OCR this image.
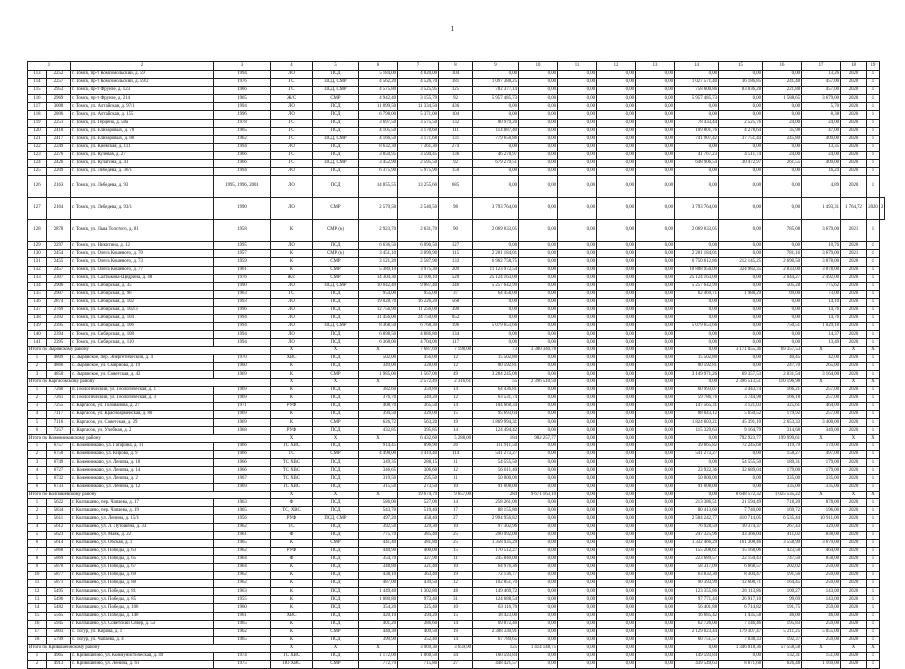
1
1		2	3	4	5	6	7	8	9	10	11	12	13	14	15	16	17	18	19	
113	2252	г. Томск, пр-т Комсомольский, д. 59	1994	ЛО	ПСД	5 184,00	4 820,00	104	0,00	0,00	0,00	0,00	0,00	0,00	0,00	0,00	13,26	2020	1	
114	2257	г. Томск, пр-т Комсомольский, д. 59/2	1976	ГС	ПСД, СМР	4 562,20	4 526,70	181	1 097 388,25	0,00	0,00	0,00	0,00	1 027 571,40	36 186,85	241,48	457,00	2020	1	
115	2953	г. Томск, пр-т Фрунзе, д. 123	1966	ГС	ПСД, СМР	4 575,80	3 525,95	125	782 377,14	0,00	0,00	0,00	0,00	758 600,86	83 836,28	221,88	457,00	2020	1	
116	2969	г. Томск, пр-т Фрунзе, д. 214	1965	Ж/С	СМР	4 942,40	3 155,79	92	5 957 485,73	0,00	0,00	0,00	0,00	5 957 485,73	0,00	1 588,65	3 679,00	2020	1	
117	3008	г. Томск, ул. Алтайская, д. 97/1	1994	ЛО	ПСД	11 899,50	11 334,50	436	0,00	0,00	0,00	0,00	0,00	0,00	0,00	0,00	5,70	2020	1	
118	2806	г. Томск, ул. Алтайская, д. 155	1996	ЛО	ПСД	6 798,00	5 371,00	104	0,00	0,00	0,00	0,00	0,00	0,00	0,00	0,00	8,38	2020	1	
119	2251	г. Томск, ул. Герцена, д. 58а	1978	ГС	ПСД	3 697,50	3 575,50	132	80 979,20	0,00	0,00	0,00	0,00	78 433,44	2 525,76	24,00	24,00	2020	1	
120	2418	г. Томск, ул. Елизаровых, д. 78	1965	ГС	ПСД	4 105,50	3 170,60	111	114 087,40	0,00	0,00	0,00	0,00	109 801,76	4 278,64	35,98	47,00	2020	1	
121	2417	г. Томск, ул. Елизаровых, д. 80	1962	ГС	ПСД, СМР	4 166,50	3 171,68	131	779 658,86	0,00	0,00	0,00	0,00	741 907,42	37 751,44	245,80	409,00	2020	1	
122	2249	г. Томск, ул. Киевская, д. 111	1994	ЛО	ПСД	8 632,30	7 361,30	274	0,00	0,00	0,00	0,00	0,00	0,00	0,00	0,00	13,35	2020	1	
123	2276	г. Томск, ул. Кулёвая, д. 27	1966	ГС	ПСД	3 850,95	3 594,45	136	46 278,97	0,00	0,00	0,00	0,00	41 767,23	4 511,74	24,00	24,00	2020	1	
124	2426	г. Томск, ул. Кулагина, д. 41	1966	ГС	ПСД, СМР	3 452,90	2 595,50	92	679 279,51	0,00	0,00	0,00	0,00	648 906,54	30 472,97	261,55	409,00	2020	1	
125	2209	г. Томск, ул. Лебедева, д. 36/1	1994	ЛО	ПСД	6 375,90	5 975,90	150	0,00	0,00	0,00	0,00	0,00	0,00	0,00	0,00	16,24	2020	1	
126	2163	г. Томск, ул. Лебедева, д. 93	1995, 1996, 2001	ЛО	ПСД	14 855,55	13 255,60	685	0,00	0,00	0,00	0,00	0,00	0,00	0,00	0,00	4,89	2020	1	
127	2164	г. Томск, ул. Лебедева, д. 93/1	1990	ЛО	СМР	2 579,50	2 540,50	98	3 793 764,00	0,00	0,00	0,00	0,00	3 793 764,00	0,00	0,00	1 493,31	1 764,72	2020	2
128	2878	г. Томск, ул. Льва Толстого, д. 81	1958	К	СМР (к)	2 923,70	2 631,70	90	2 069 833,05	0,00	0,00	0,00	0,00	2 069 833,05	0,00	785,08	3 679,00	2021	1	
129	2297	г. Томск, ул. Никитина, д. 12	1995	ЛО	ПСД	6 636,50	6 090,50	127	0,00	0,00	0,00	0,00	0,00	0,00	0,00	0,00	10,76	2020	1	
130	2454	г. Томск, ул. Олега Кошевого, д. 70	1957	К	СМР (к)	3 451,10	3 099,90	115	2 201 184,01	0,00	0,00	0,00	0,00	2 201 184,01	0,00	781,16	3 679,00	2021	1	
131	2455	г. Томск, ул. Олега Кошевого, д. 73	1959	К	СМР	3 121,20	2 587,90	133	6 962 758,75	0,00	0,00	0,00	0,00	6 750 612,86	212 145,25	2 690,50	3 878,00	2020	1	
132	2457	г. Томск, ул. Олега Кошевого, д. 77	1961	К	СМР	5 389,10	3 975,30	209	11 123 972,54	0,00	0,00	0,00	0,00	10 888 950,09	324 982,35	2 833,00	3 878,00	2020	1	
133	2307	г. Томск, ул. Салтыкова-Щедрина, д. 48	1976	Ж/с	СМР	14 304,30	12 106,10	520	25 124 163,00	0,00	0,00	0,00	0,00	25 124 163,00	0,00	2 044,27	2 492,00	2020	1	
134	2906	г. Томск, ул. Сибирская, д. 35	1990	ЛО	ПСД, СМР	10 042,40	9 887,40	346	5 257 642,99	0,00	0,00	0,00	0,00	5 257 642,99	0,00	505,28	775,62	2020	1	
135	2907	г. Томск, ул. Сибирская, д. 96	1963	ГС	ПСД	954,00	955,00	37	64 458,00	0,00	0,00	0,00	0,00	62 469,71	1 988,29	69,00	73,00	2020	1	
136	2874	г. Томск, ул. Сибирская, д. 102	1993	ЛО	ПСД	19 028,70	16 226,20	568	0,00	0,00	0,00	0,00	0,00	0,00	0,00	0,00	14,10	2020	1	
137	2769	г. Томск, ул. Сибирская, д. 102/3	1996	ЛО	ПСД	12 756,90	11 256,00	390	0,00	0,00	0,00	0,00	0,00	0,00	0,00	0,00	14,76	2020	1	
138	2392	г. Томск, ул. Сибирская, д. 104	1994	ЛО	ПСД	31 456,00	24 750,00	852	0,00	0,00	0,00	0,00	0,00	0,00	0,00	0,00	14,76	2020	1	
139	2395	г. Томск, ул. Сибирская, д. 106	1994	ЛО	ПСД, СМР	8 368,50	6 768,30	196	5 079 653,66	0,00	0,00	0,00	0,00	5 079 653,66	0,00	750,51	1 029,18	2020	1	
140	2394	г. Томск, ул. Сибирская, д. 108	1994	ЛО	ПСД	6 898,50	4 886,80	134	0,00	0,00	0,00	0,00	0,00	0,00	0,00	0,00	14,37	2020	1	
141	2395	г. Томск, ул. Сибирская, д. 110	1994	ЛО	ПСД	6 368,00	4 704,00	117	0,00	0,00	0,00	0,00	0,00	0,00	0,00	0,00	13,49	2020	1	
Итого по Зырянскому району				Х	Х	Х	7 687,69	7 198,00	73	3 380 340,78	0,00	0,00	0,00	0,00	3 171 055,36	69 357,53	Х	Х	Х	
1	4809	с. Зырянское, пер. Энергетический, д. 4	1970	ХВС	ПСД	502,00	456,00	12	15 502,80	0,00	0,00	0,00	0,00	15 502,80	0,00	40,45	42,00	2020	1	
2	4866	с. Зырянское, ул. Смирнова, д. 19	1960	К	ПСД	349,00	328,00	12	80 592,81	0,00	0,00	0,00	0,00	80 592,81	0,00	247,70	265,00	2020	1	
3	4850	с. Зырянское, ул. Советская, д. 42	1969	К	СМР	1 985,00	1 567,00	49	3 284 245,08	0,00	0,00	0,00	0,00	3 149 971,26	69 357,53	2 031,54	3 164,00	2020	1	
Итого по Каргасокскому району				Х	Х	Х	2 572,49	2 316,61	55	2 396 510,50	0,00	0,00	0,00	0,00	2 396 513,51	110 196,98	Х	Х	Х	
1	7260	п. Геологический, ул. Геологическая, д. 1	1969	К	ПСД	382,60	359,89	14	64 436,81	0,00	0,00	0,00	0,00	60 993,07	3 443,74	166,21	257,00	2020	1	
2	7261	п. Геологический, ул. Геологическая, д. 3	1969	К	ПСД	376,70	349,20	12	63 531,74	0,00	0,00	0,00	0,00	59 786,76	3 744,98	166,18	257,00	2020	1	
3	7255	с. Каргасок, ул. Голованова, д. 27	1971	РУФ	ПСД	408,70	365,50	14	104 668,34	0,00	0,00	0,00	0,00	147 565,31	3 121,03	325,61	464,00	2020	1	
4	7117	с. Каргасок, ул. Красноармейская, д. 80	1969	К	ПСД	394,50	329,00	15	95 693,64	0,00	0,00	0,00	0,00	88 043,12	5 650,52	179,92	257,00	2020	1	
5	7116	с. Каргасок, ул. Советская, д. 29	1969	К	СМР	626,72	563,20	19	1 869 994,31	0,00	0,00	0,00	0,00	1 824 603,21	45 391,10	2 653,33	3 400,00	2020	1	
6	7257	с. Каргасок, ул. Учебная, д. 2	1968	РУФ	ПСД	432,85	395,85	14	124 494,42	0,00	0,00	0,00	0,00	115 329,63	9 164,79	314,68	349,00	2020	1	
Итого по Кожевниковскому району				Х	Х	Х	6 432,60	5 288,00	184	982 257,77	0,00	0,00	0,00	0,00	792 923,77	199 999,61	Х	Х	Х	
1	6757	с. Кожевниково, ул. Гагарина, д. 11	1966	ТС ХВС	ПСД	914,45	896,90	26	111 911,50	0,00	0,00	0,00	0,00	39 665,82	72 245,68	119,79	179,00	2020	1	
2	6750	с. Кожевниково, ул. Кирова, д. 9	1966	ТС	СМР	4 498,00	3 419,40	114	541 273,27	0,00	0,00	0,00	0,00	541 273,27	0,00	158,27	497,00	2020	1	
3	6749	с. Кожевниково, ул. Ленина, д. 18	1966	ТС ХВС	ПСД	349,35	288,15	11	54 555,50	0,00	0,00	0,00	0,00	0,00	54 555,50	189,31	179,00	2020	1	
4	6727	с. Кожевниково, ул. Ленина, д. 14	1966	ТС ХВС	ПСД	346,65	306,60	12	56 611,40	0,00	0,00	0,00	0,00	23 922,36	32 689,04	179,00	179,00	2020	1	
5	6732	с. Кожевниково, ул. Ленина, д. 2	1967	ТС ХВС	ПСД	319,50	295,50	11	50 000,00	0,00	0,00	0,00	0,00	50 000,00	0,00	335,00	335,00	2020	1	
6	6733	с. Кожевниково, ул. Ленина, д. 12	1969	ТС ХВС	ПСД	315,50	273,50	10	91 008,00	0,00	0,00	0,00	0,00	91 008,00	0,00	335,00	335,00	2020	1	
Итого по Колпашевскому району				Х	Х	Х	19 674,79	9 657,00	284	9 671 163,10	0,00	0,00	0,00	0,00	8 648 572,32	1 025 535,22	Х	Х	Х	
1	5622	г. Колпашево, пер. Чапаева, д. 17	1963	Ф	ПСД	586,00	527,00	14	258 261,00	0,00	0,00	0,00	0,00	213 386,51	21 594,49	718,20	878,00	2020	1	
2	5834	г. Колпашево, пер. Чапаева, д. 19	1965	ТС, ХВС	ПСД	543,70	519,40	17	88 155,80	0,00	0,00	0,00	0,00	80 413,60	7 740,00	169,72	196,00	2020	1	
3	5611	г. Колпашево, ул. Ленина, д. 15/1	1956	РУФ	ПСД, СМР	497,20	458,40	27	2 994 956,82	0,00	0,00	0,00	0,00	2 584 242,77	410 714,05	6 535,44	10 911,00	2020	1	
4	5612	г. Колпашево, ул. Л. Лутошена, д. 33	1962	ТС	ПСД	392,50	329,30	10	97 302,96	0,00	0,00	0,00	0,00	76 928,59	10 374,37	267,43	329,00	2020	1	
5	5623	г. Колпашево, ул. Маяк, д. 22	1961	Ф	ПСД	775,70	385,40	25	290 992,00	0,00	0,00	0,00	0,00	247 325,96	43 366,04	411,02	838,00	2020	1	
6	5614	г. Колпашево, ул. Обская, д. 1	1965	К	СМР	441,40	381,80	25	1 358 935,29	0,00	0,00	0,00	0,00	1 332 466,29	161 308,46	3 558,99	3 679,00	2020	1	
7	5868	г. Колпашево, ул. Победы, д. 63	1962	РУФ	ПСД	440,90	400,00	15	170 512,27	0,00	0,00	0,00	0,00	155 208,61	15 168,06	423,58	464,00	2020	1	
8	5869	г. Колпашево, ул. Победы, д. 65	1964	Ф	ПСД	354,70	327,90	11	245 840,00	0,00	0,00	0,00	0,00	223 689,57	22 150,43	747,50	858,00	2020	1	
9	5870	г. Колпашево, ул. Победы, д. 67	1964	К	ПСД	348,80	321,40	10	64 976,36	0,00	0,00	0,00	0,00	58 317,09	6 668,57	202,02	259,00	2020	1	
10	5877	г. Колпашево, ул. Победы, д. 69	1962	К	ПСД	438,10	363,40	19	72 136,77	0,00	0,00	0,00	0,00	63 832,30	8 304,47	191,56	259,00	2020	1	
11	5871	г. Колпашево, ул. Победы, д. 80	1962	К	ПСД	487,00	439,50	12	102 851,70	0,00	0,00	0,00	0,00	90 393,99	12 608,71	164,45	259,00	2020	1	
12	5495	г. Колпашево, ул. Победы, д. 81	1963	К	ПСД	1 449,40	1 302,80	48	149 469,72	0,00	0,00	0,00	0,00	123 355,86	26 113,86	100,27	143,00	2020	1	
13	5496	г. Колпашево, ул. Победы, д. 85	1955	К	ПСД	1 080,80	973,40	31	124 688,54	0,00	0,00	0,00	0,00	97 771,44	26 917,10	99,69	143,00	2020	1	
14	5482	г. Колпашево, ул. Победы, д. 106	1960	К	ПСД	354,20	325,40	10	63 116,70	0,00	0,00	0,00	0,00	56 401,88	6 714,82	191,75	259,00	2020	1	
15	5565	г. Колпашево, ул. Победы, д. 140	1961	ХВС	ПСД	420,10	394,20	15	18 423,00	0,00	0,00	0,00	0,00	16 685,42	1 435,58	46,00	46,00	2020	1	
16	5945	г. Колпашево, ул. Советский Север, д. 53	1965	К	ПСД	401,20	386,60	14	69 872,46	0,00	0,00	0,00	0,00	62 726,00	7 146,46	195,83	259,00	2020	1	
17	5803	с. Тогур, ул. Кирова, д. 1	1962	К	СМР	440,30	409,50	19	2 308 330,91	0,00	0,00	0,00	0,00	2 129 023,44	179 307,47	5 211,25	5 855,00	2020	1	
18	5799	с. Тогур, ул. Чапаева, д. 4	1965	К	ПСД	399,90	352,40	14	67 789,65	0,00	0,00	0,00	0,00	60 751,57	7 038,33	192,37	259,00	2020	1	
Итого по Кривошеинскому району				Х	Х	Х	3 969,30	3 659,90	125	1 414 148,75	0,00	0,00	0,00	0,00	1 346 018,36	57 558,58	Х	Х	Х	
1	4965	с. Кривошеино, ул. Коммунистическая, д. 49	1974	ТС ХВС	ПСД	1 172,00	1 060,50	34	160 593,84	0,00	0,00	0,00	0,00	149 593,84	0,00	132,31	151,00	2020	1	
2	4913	с. Кривошеино, ул. Ленина, д. 61	1975	ПО ХВС	СМР	772,79	715,80	27	448 421,57	0,00	0,00	0,00	0,00	439 549,63	8 871,68	626,48	1 169,00	2020	1	
